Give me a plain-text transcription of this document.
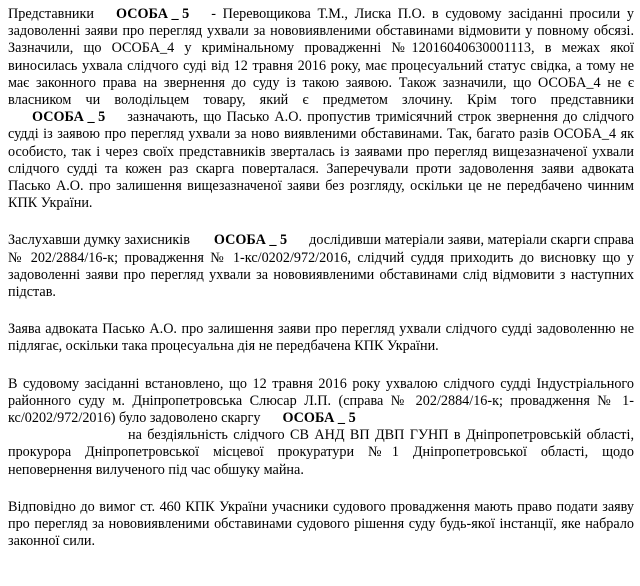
Представники ОСОБА _ 5 - Перевощикова Т.М., Лиска П.О. в судовому засіданні просили у задоволенні заяви про перегляд ухвали за нововиявленими обставинами відмовити у повному обсязі. Зазначили, що ОСОБА_4 у кримінальному провадженні №12016040630001113, в межах якої виносилась ухвала слідчого суді від 12 травня 2016 року, має процесуальний статус свідка, а тому не має законного права на звернення до суду із такою заявою. Також зазначили, що ОСОБА_4 не є власником чи володільцем товару, який є предметом злочину. Крім того представникиОСОБА _ 5 зазначають, що Пасько А.О. пропустив тримісячний строк звернення до слідчого судді із заявою про перегляд ухвали за ново виявленими обставинами. Так, багато разів ОСОБА_4 як особисто, так і через своїх представників зверталась із заявами про перегляд вищезазначеної ухвали слідчого судді та кожен раз скарга поверталася. Заперечували проти задоволення заяви адвоката Пасько А.О. про залишення вищезазначеної заяви без розгляду, оскільки це не передбачено чинним КПК України.

Заслухавши думку захисників ОСОБА _ 5 дослідивши матеріали заяви, матеріали скарги справа № 202/2884/16-к; провадження № 1-кс/0202/972/2016, слідчий суддя приходить до висновку що у задоволенні заяви про перегляд ухвали за нововиявленими обставинами слід відмовити з наступних підстав.

Заява адвоката Пасько А.О. про залишення заяви про перегляд ухвали слідчого судді задоволенню не підлягає, оскільки така процесуальна дія не передбачена КПК України.

В судовому засіданні встановлено, що 12 травня 2016 року ухвалою слідчого судді Індустріального районного суду м. Дніпропетровська Слюсар Л.П. (справа № 202/2884/16-к; провадження № 1-кс/0202/972/2016) було задоволено скаргу ОСОБА _ 5
на бездіяльність слідчого СВ АНД ВП ДВП ГУНП в Дніпропетровській області, прокурора Дніпропетровської місцевої прокуратури №1 Дніпропетровської області, щодо неповернення вилученого під час обшуку майна.

Відповідно до вимог ст. 460 КПК України учасники судового провадження мають право подати заяву про перегляд за нововиявленими обставинами судового рішення суду будь-якої інстанції, яке набрало законної сили.
